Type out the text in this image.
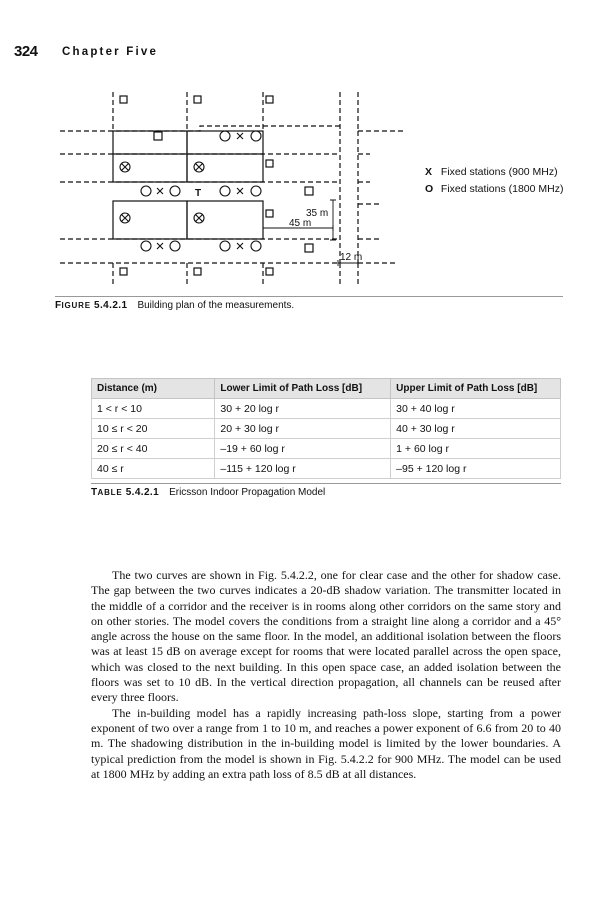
324 Chapter Five
T
35 m
45 m
12 m
X Fixed stations (900 MHz)
O Fixed stations (1800 MHz)
FIGURE 5.4.2.1 Building plan of the measurements.
Distance (m)	Lower Limit of Path Loss [dB]	Upper Limit of Path Loss [dB]
1 < r < 10	30 + 20 log r	30 + 40 log r
10 ≤ r < 20	20 + 30 log r	40 + 30 log r
20 ≤ r < 40	–19 + 60 log r	1 + 60 log r
40 ≤ r	–115 + 120 log r	–95 + 120 log r
TABLE 5.4.2.1 Ericsson Indoor Propagation Model

The two curves are shown in Fig. 5.4.2.2, one for clear case and the other for shadow case. The gap between the two curves indicates a 20-dB shadow variation. The transmitter located in the middle of a corridor and the receiver is in rooms along other corridors on the same story and on other stories. The model covers the conditions from a straight line along a corridor and a 45° angle across the house on the same floor. In the model, an additional isolation between the floors was at least 15 dB on average except for rooms that were located parallel across the open space, which was closed to the next building. In this open space case, an added isolation between the floors was set to 10 dB. In the vertical direction propagation, all channels can be reused after every three floors.

The in-building model has a rapidly increasing path-loss slope, starting from a power exponent of two over a range from 1 to 10 m, and reaches a power exponent of 6.6 from 20 to 40 m. The shadowing distribution in the in-building model is limited by the lower boundaries. A typical prediction from the model is shown in Fig. 5.4.2.2 for 900 MHz. The model can be used at 1800 MHz by adding an extra path loss of 8.5 dB at all distances.
